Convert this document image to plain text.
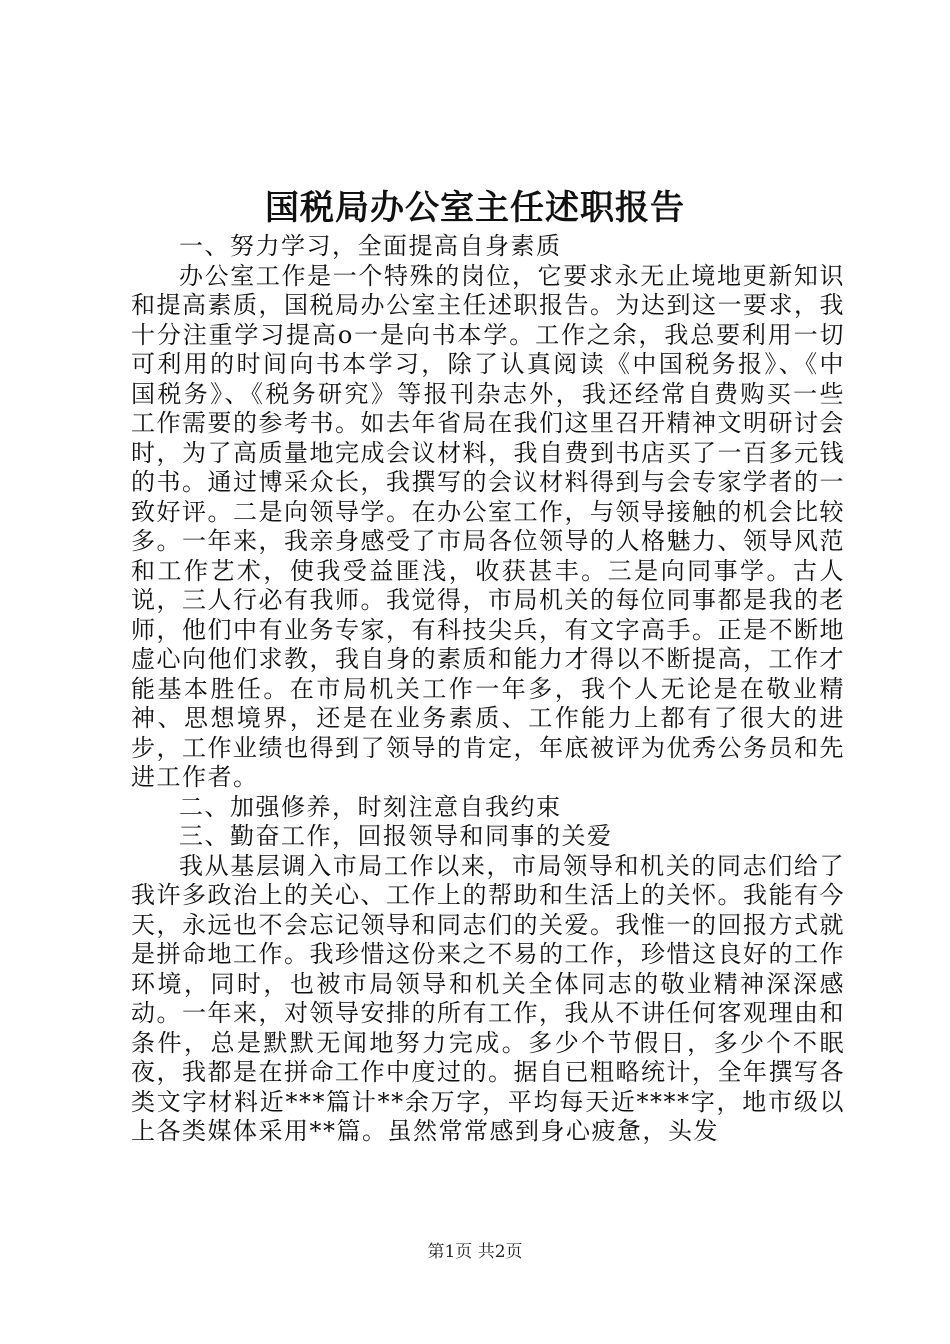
国税局办公室主任述职报告

一、努力学习，全面提高自身素质

办公室工作是一个特殊的岗位，它要求永无止境地更新知识和提高素质，国税局办公室主任述职报告。为达到这一要求，我十分注重学习提高o一是向书本学。工作之余，我总要利用一切可利用的时间向书本学习，除了认真阅读《中国税务报》、《中国税务》、《税务研究》等报刊杂志外，我还经常自费购买一些工作需要的参考书。如去年省局在我们这里召开精神文明研讨会时，为了高质量地完成会议材料，我自费到书店买了一百多元钱的书。通过博采众长，我撰写的会议材料得到与会专家学者的一致好评。二是向领导学。在办公室工作，与领导接触的机会比较多。一年来，我亲身感受了市局各位领导的人格魅力、领导风范和工作艺术，使我受益匪浅，收获甚丰。三是向同事学。古人说，三人行必有我师。我觉得，市局机关的每位同事都是我的老师，他们中有业务专家，有科技尖兵，有文字高手。正是不断地虚心向他们求教，我自身的素质和能力才得以不断提高，工作才能基本胜任。在市局机关工作一年多，我个人无论是在敬业精神、思想境界，还是在业务素质、工作能力上都有了很大的进步，工作业绩也得到了领导的肯定，年底被评为优秀公务员和先进工作者。

二、加强修养，时刻注意自我约束

三、勤奋工作，回报领导和同事的关爱

我从基层调入市局工作以来，市局领导和机关的同志们给了我许多政治上的关心、工作上的帮助和生活上的关怀。我能有今天，永远也不会忘记领导和同志们的关爱。我惟一的回报方式就是拼命地工作。我珍惜这份来之不易的工作，珍惜这良好的工作环境，同时，也被市局领导和机关全体同志的敬业精神深深感动。一年来，对领导安排的所有工作，我从不讲任何客观理由和条件，总是默默无闻地努力完成。多少个节假日，多少个不眠夜，我都是在拼命工作中度过的。据自已粗略统计，全年撰写各类文字材料近***篇计**余万字，平均每天近****字，地市级以上各类媒体采用**篇。虽然常常感到身心疲惫，头发

第1页 共2页
